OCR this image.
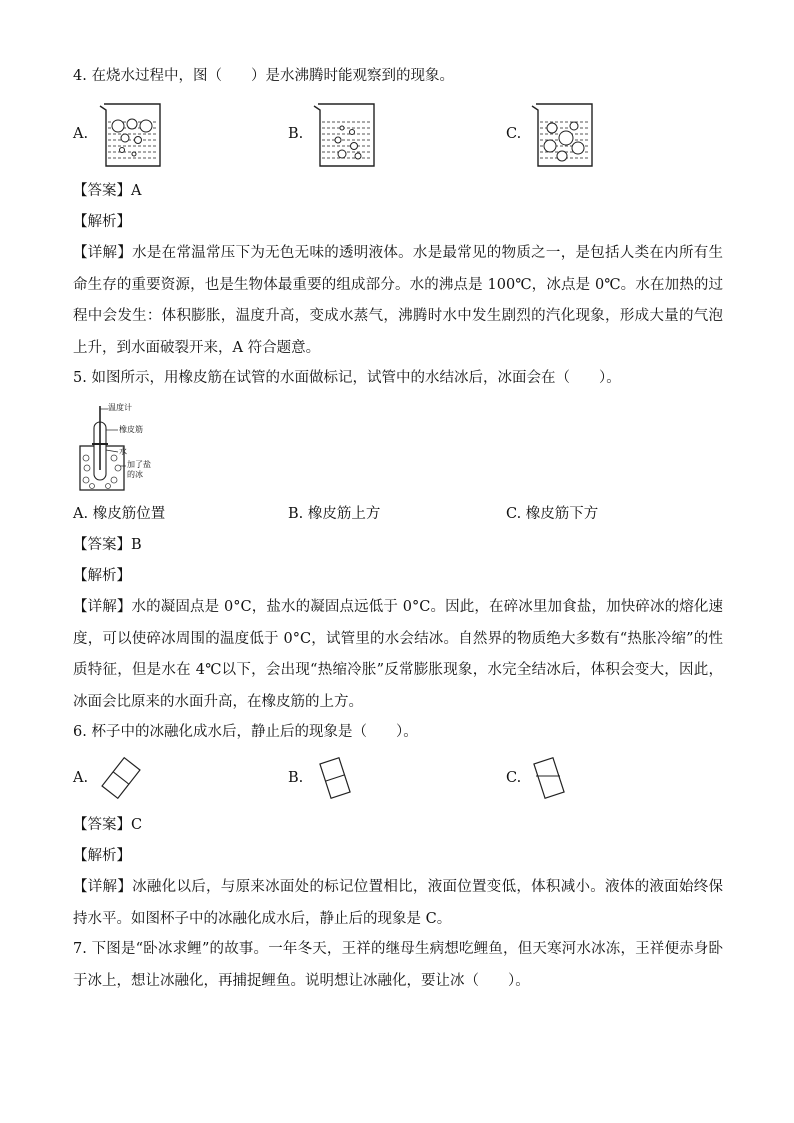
4. 在烧水过程中，图（　　）是水沸腾时能观察到的现象。
A.	B.	C.
【答案】A
【解析】
【详解】水是在常温常压下为无色无味的透明液体。水是最常见的物质之一，是包括人类在内所有生命生存的重要资源，也是生物体最重要的组成部分。水的沸点是 100℃，冰点是 0℃。水在加热的过程中会发生：体积膨胀，温度升高，变成水蒸气，沸腾时水中发生剧烈的汽化现象，形成大量的气泡上升，到水面破裂开来，A 符合题意。
5. 如图所示，用橡皮筋在试管的水面做标记，试管中的水结冰后，冰面会在（　　）。
温度计
橡皮筋
水
加了盐
的冰
A. 橡皮筋位置	B. 橡皮筋上方	C. 橡皮筋下方
【答案】B
【解析】
【详解】水的凝固点是 0°C，盐水的凝固点远低于 0°C。因此，在碎冰里加食盐，加快碎冰的熔化速度，可以使碎冰周围的温度低于 0°C，试管里的水会结冰。自然界的物质绝大多数有“热胀冷缩”的性质特征，但是水在 4℃以下，会出现“热缩冷胀”反常膨胀现象，水完全结冰后，体积会变大，因此，冰面会比原来的水面升高，在橡皮筋的上方。
6. 杯子中的冰融化成水后，静止后的现象是（　　）。
A.	B.	C.
【答案】C
【解析】
【详解】冰融化以后，与原来冰面处的标记位置相比，液面位置变低，体积减小。液体的液面始终保持水平。如图杯子中的冰融化成水后，静止后的现象是 C。
7. 下图是“卧冰求鲤”的故事。一年冬天，王祥的继母生病想吃鲤鱼，但天寒河水冰冻，王祥便赤身卧于冰上，想让冰融化，再捕捉鲤鱼。说明想让冰融化，要让冰（　　）。
